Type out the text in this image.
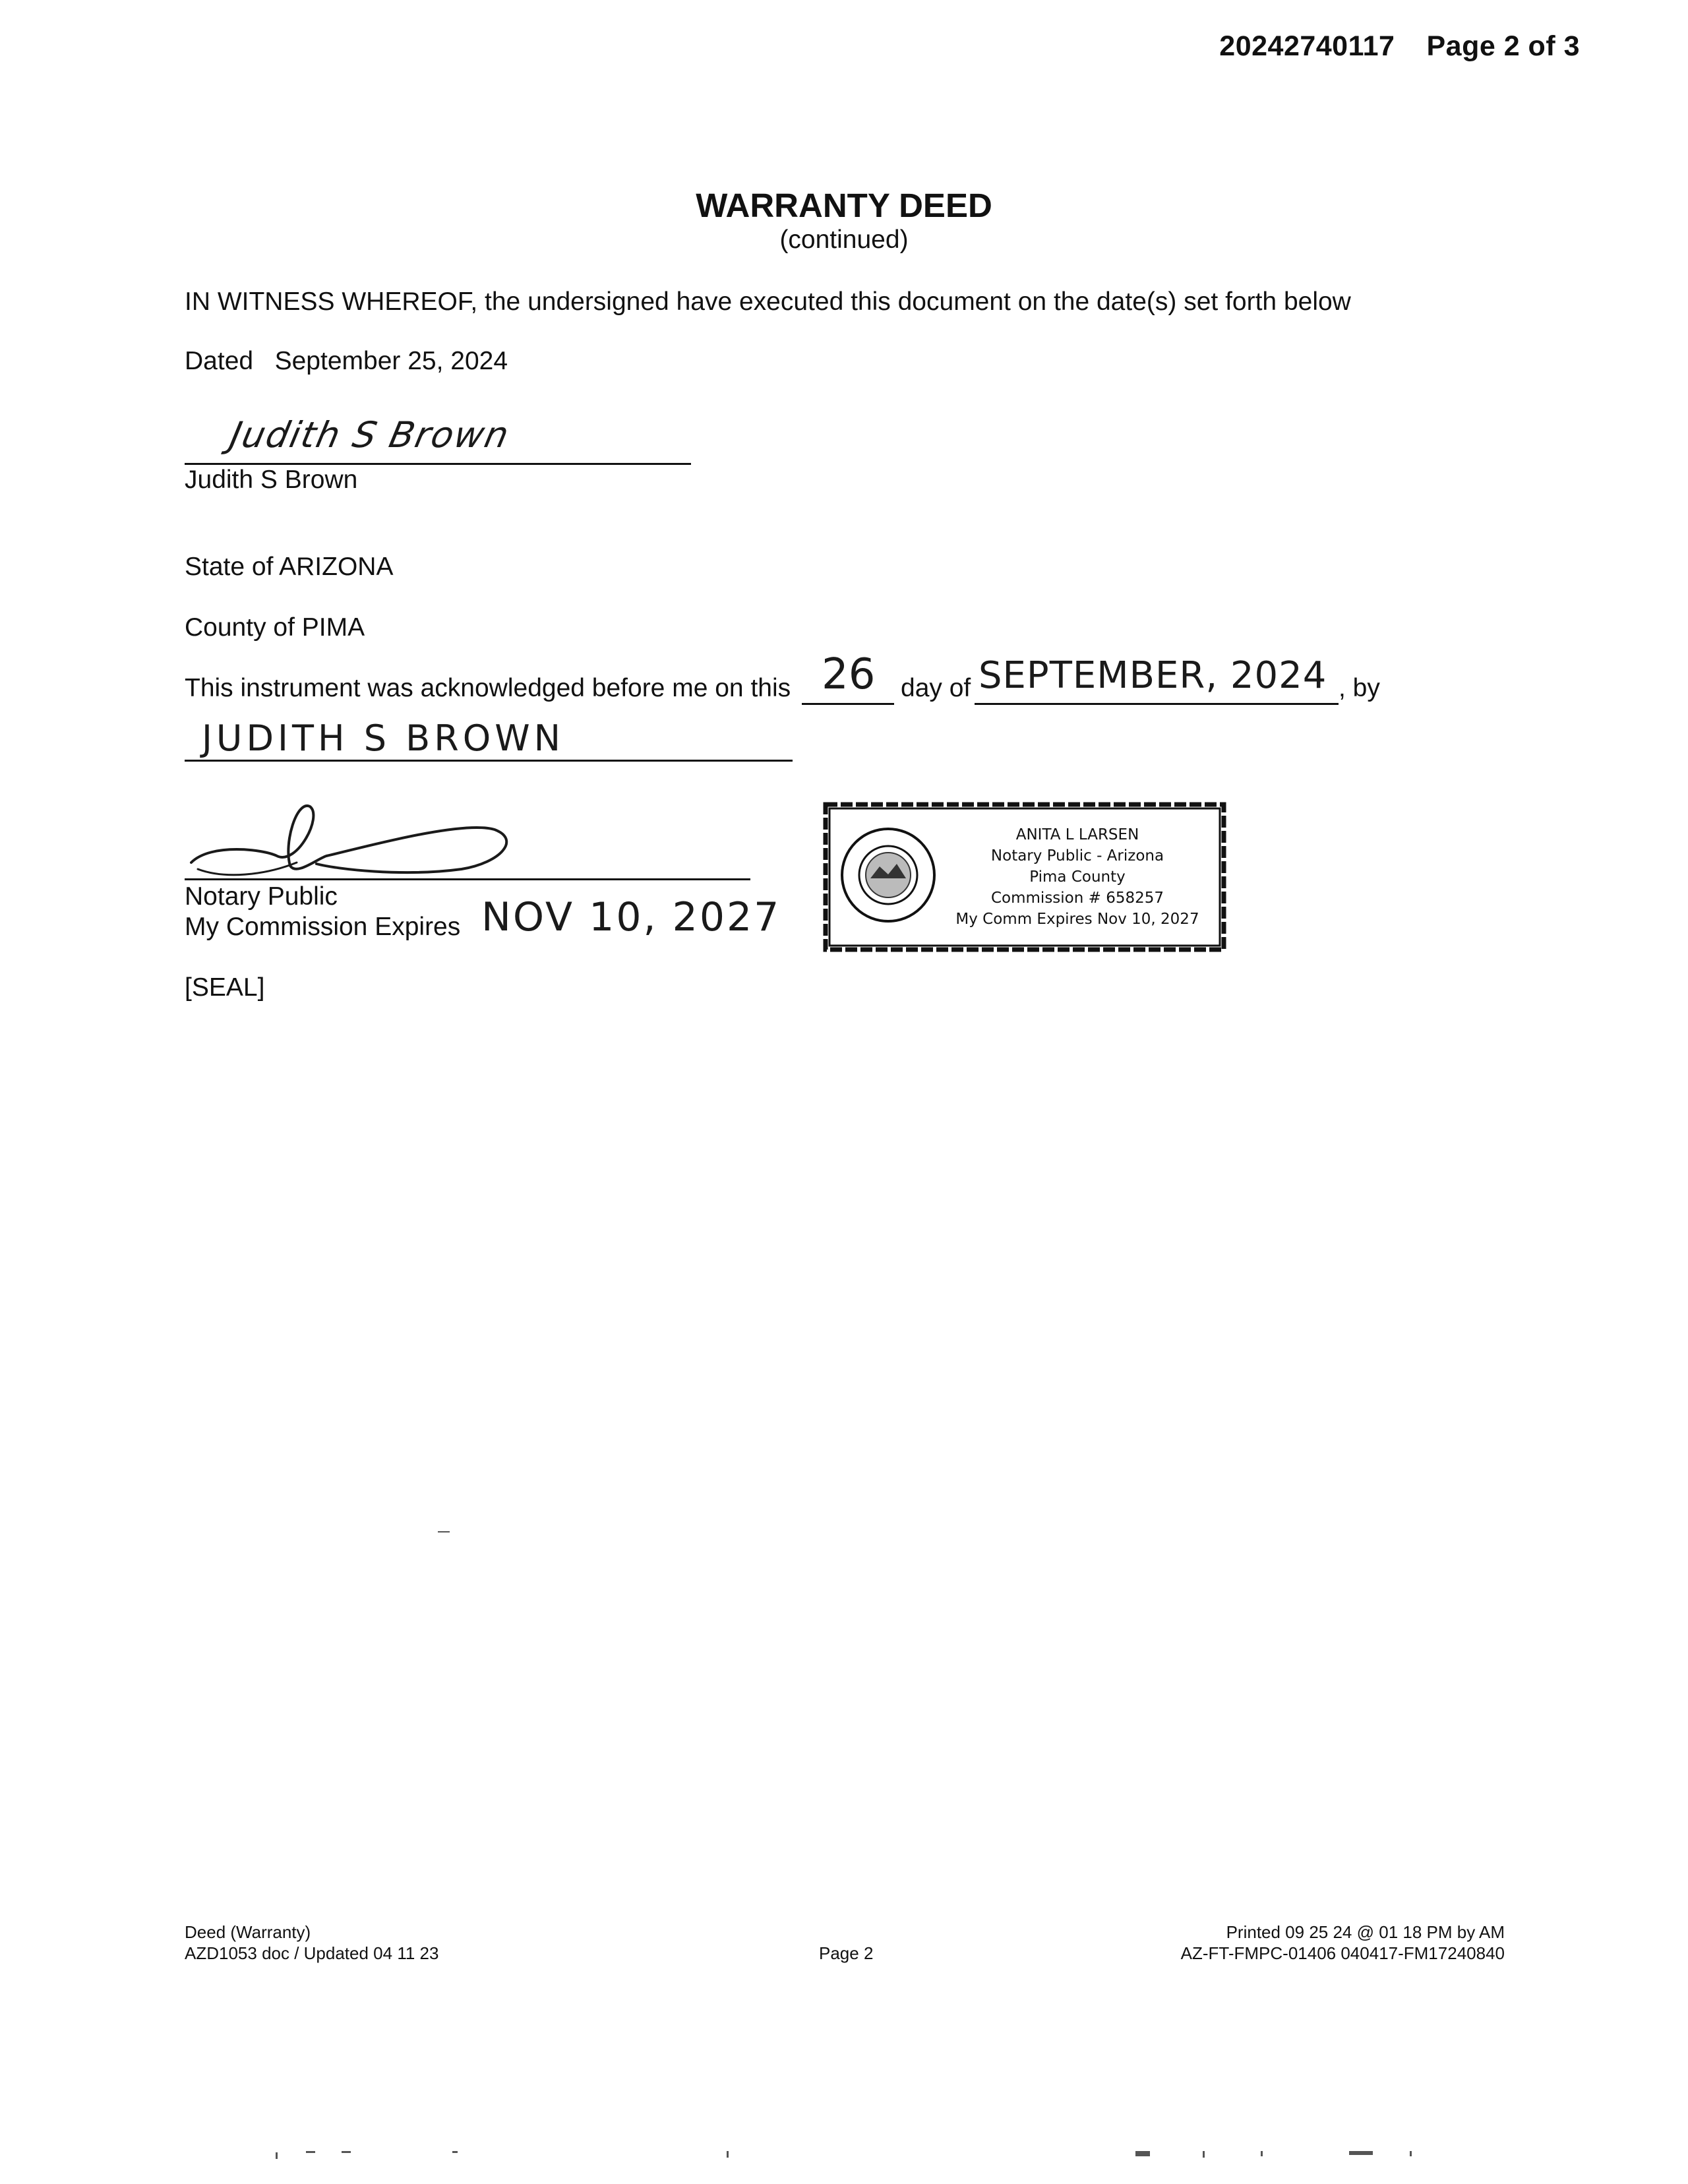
20242740117 Page 2 of 3
WARRANTY DEED
(continued)
IN WITNESS WHEREOF, the undersigned have executed this document on the date(s) set forth below
Dated September 25, 2024
Judith S Brown
Judith S Brown
State of ARIZONA
County of PIMA
This instrument was acknowledged before me on this 26 day of SEPTEMBER, 2024 , by
JUDITH S BROWN
Notary Public
My Commission Expires NOV 10, 2027
ANITA L LARSEN
Notary Public - Arizona
Pima County
Commission # 658257
My Comm Expires Nov 10, 2027
[SEAL]
Deed (Warranty)
AZD1053 doc / Updated 04 11 23	Page 2
Printed 09 25 24 @ 01 18 PM by AM
AZ-FT-FMPC-01406 040417-FM17240840
